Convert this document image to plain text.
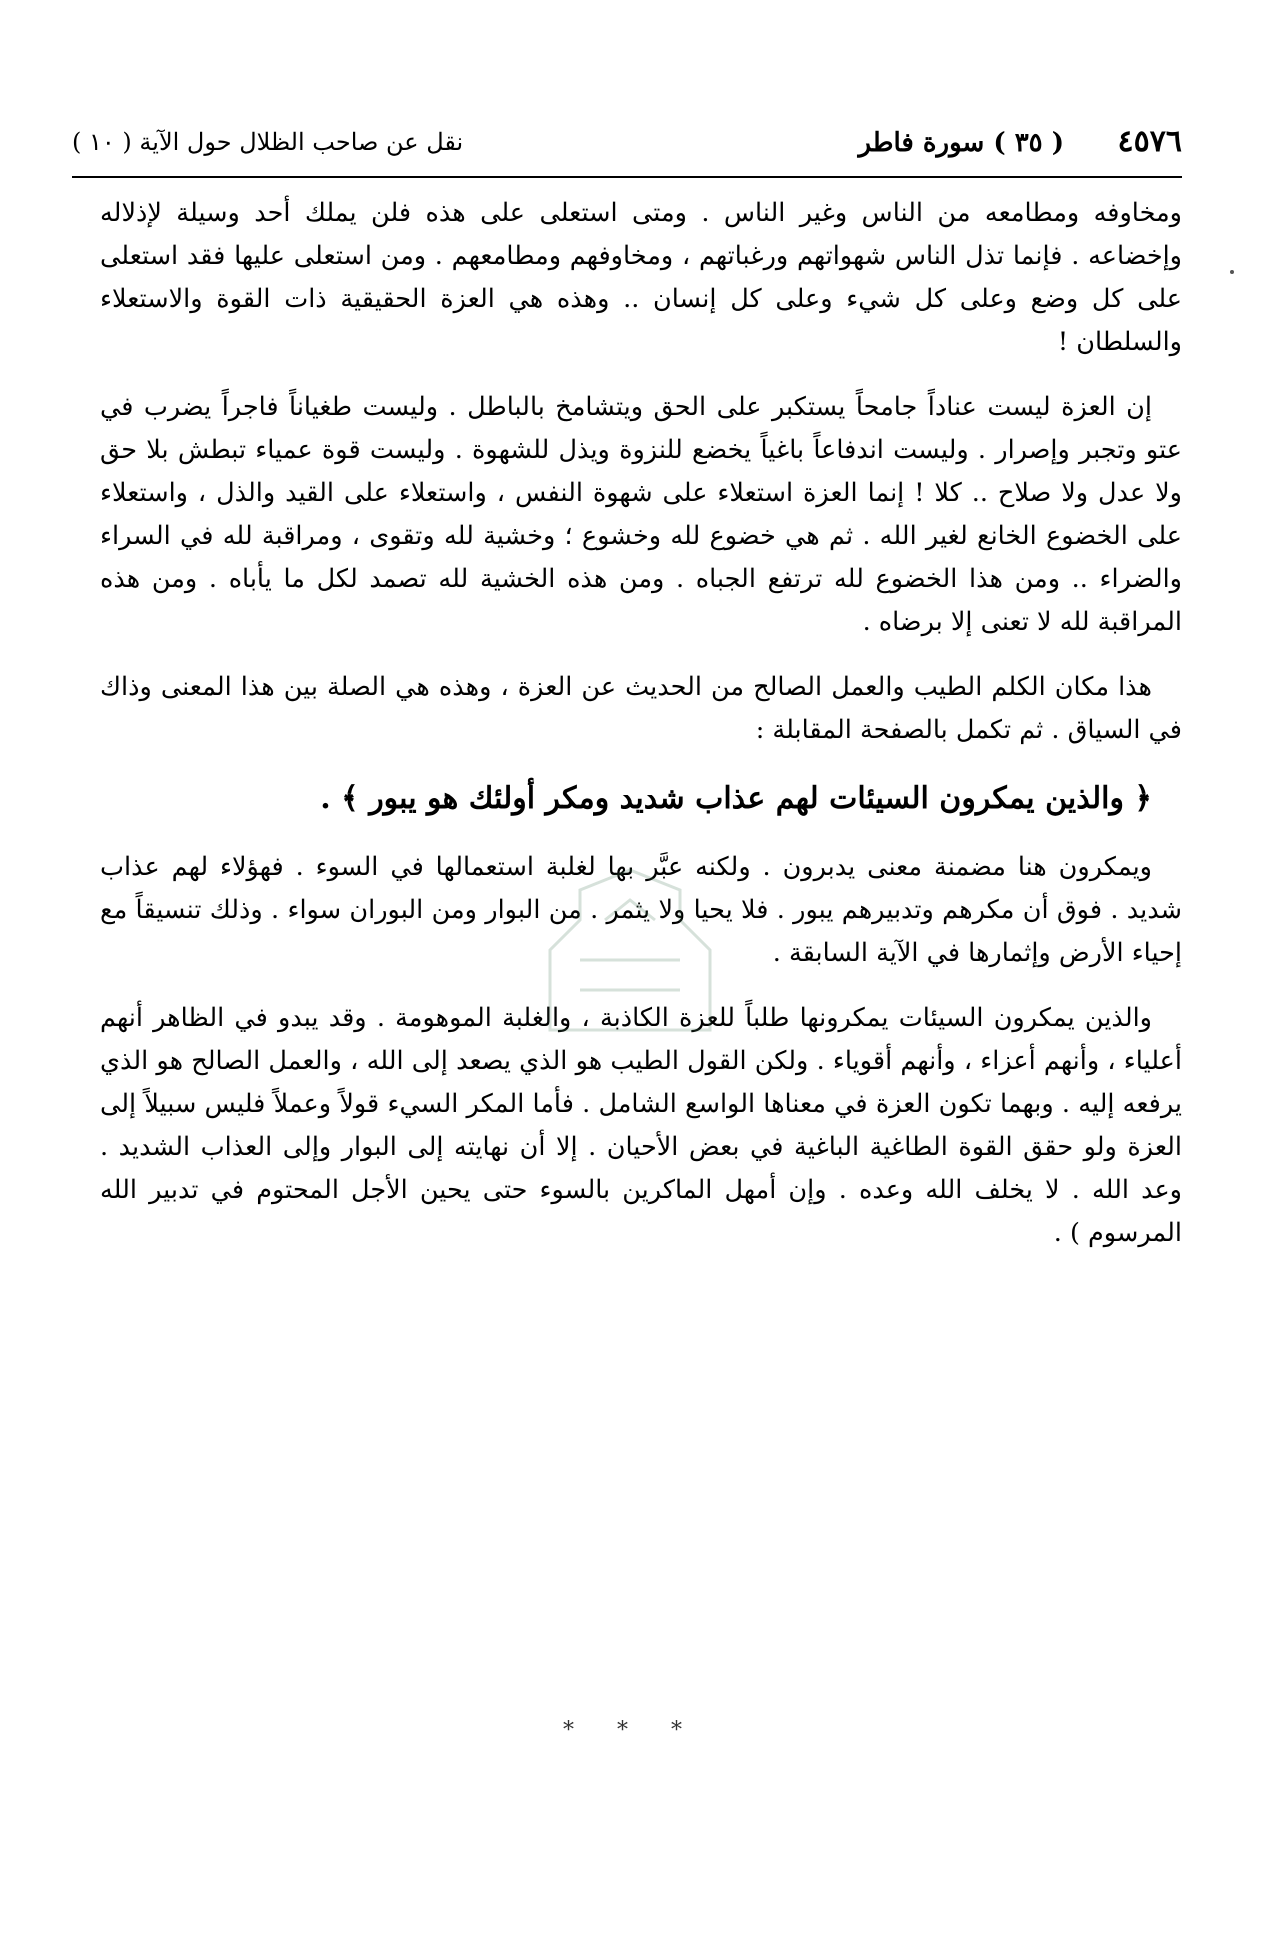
٤٥٧٦
( ٣٥ ) سورة فاطر
نقل عن صاحب الظلال حول الآية ( ١٠ )

ومخاوفه ومطامعه من الناس وغير الناس . ومتى استعلى على هذه فلن يملك أحد وسيلة لإذلاله وإخضاعه . فإنما تذل الناس شهواتهم ورغباتهم ، ومخاوفهم ومطامعهم . ومن استعلى عليها فقد استعلى على كل وضع وعلى كل شيء وعلى كل إنسان .. وهذه هي العزة الحقيقية ذات القوة والاستعلاء والسلطان !

إن العزة ليست عناداً جامحاً يستكبر على الحق ويتشامخ بالباطل . وليست طغياناً فاجراً يضرب في عتو وتجبر وإصرار . وليست اندفاعاً باغياً يخضع للنزوة ويذل للشهوة . وليست قوة عمياء تبطش بلا حق ولا عدل ولا صلاح .. كلا ! إنما العزة استعلاء على شهوة النفس ، واستعلاء على القيد والذل ، واستعلاء على الخضوع الخانع لغير الله . ثم هي خضوع لله وخشوع ؛ وخشية لله وتقوى ، ومراقبة لله في السراء والضراء .. ومن هذا الخضوع لله ترتفع الجباه . ومن هذه الخشية لله تصمد لكل ما يأباه . ومن هذه المراقبة لله لا تعنى إلا برضاه .

هذا مكان الكلم الطيب والعمل الصالح من الحديث عن العزة ، وهذه هي الصلة بين هذا المعنى وذاك في السياق . ثم تكمل بالصفحة المقابلة :

﴿ والذين يمكرون السيئات لهم عذاب شديد ومكر أولئك هو يبور ﴾ .

ويمكرون هنا مضمنة معنى يدبرون . ولكنه عبَّر بها لغلبة استعمالها في السوء . فهؤلاء لهم عذاب شديد . فوق أن مكرهم وتدبيرهم يبور . فلا يحيا ولا يثمر . من البوار ومن البوران سواء . وذلك تنسيقاً مع إحياء الأرض وإثمارها في الآية السابقة .

والذين يمكرون السيئات يمكرونها طلباً للعزة الكاذبة ، والغلبة الموهومة . وقد يبدو في الظاهر أنهم أعلياء ، وأنهم أعزاء ، وأنهم أقوياء . ولكن القول الطيب هو الذي يصعد إلى الله ، والعمل الصالح هو الذي يرفعه إليه . وبهما تكون العزة في معناها الواسع الشامل . فأما المكر السيء قولاً وعملاً فليس سبيلاً إلى العزة ولو حقق القوة الطاغية الباغية في بعض الأحيان . إلا أن نهايته إلى البوار وإلى العذاب الشديد . وعد الله . لا يخلف الله وعده . وإن أمهل الماكرين بالسوء حتى يحين الأجل المحتوم في تدبير الله المرسوم ) .

* * *
